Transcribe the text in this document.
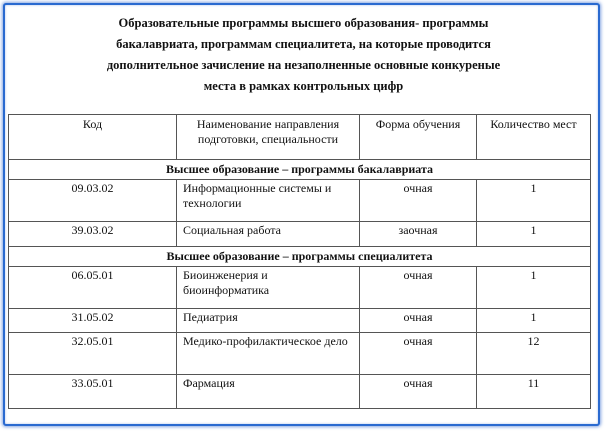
Образовательные программы высшего образования- программы
бакалавриата, программам специалитета, на которые проводится
дополнительное зачисление на незаполненные основные конкуреные
места в рамках контрольных цифр
Код	Наименование направления подготовки, специальности	Форма обучения	Количество мест
Высшее образование – программы бакалавриата			
09.03.02	Информационные системы и технологии	очная	1
39.03.02	Социальная работа	заочная	1
Высшее образование – программы специалитета			
06.05.01	Биоинженерия и биоинформатика	очная	1
31.05.02	Педиатрия	очная	1
32.05.01	Медико-профилактическое дело	очная	12
33.05.01	Фармация	очная	11
